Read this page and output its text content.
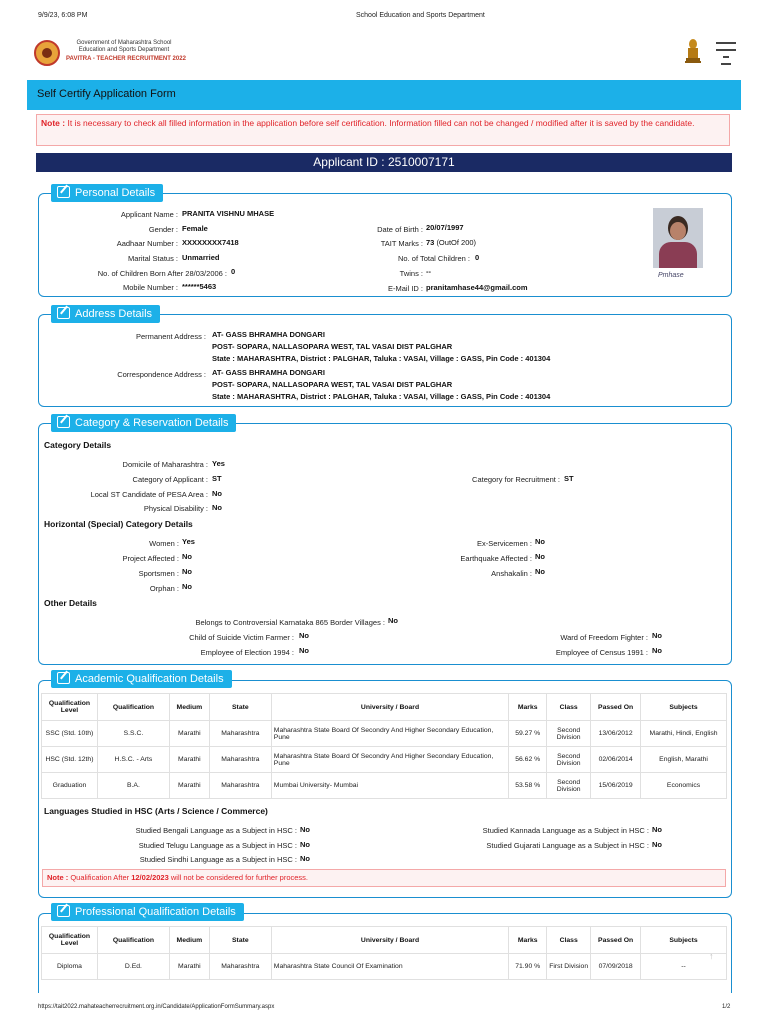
9/9/23, 6:08 PM	School Education and Sports Department
Government of Maharashtra School
Education and Sports Department
PAVITRA - TEACHER RECRUITMENT 2022
Self Certify Application Form
Note : It is necessary to check all filled information in the application before self certification. Information filled can not be changed / modified after it is saved by the candidate.
Applicant ID : 2510007171
Personal Details
Applicant Name : PRANITA VISHNU MHASE
Gender : Female
Aadhaar Number : XXXXXXXX7418
Marital Status : Unmarried
No. of Children Born After 28/03/2006 : 0
Mobile Number : ******5463
Date of Birth : 20/07/1997
TAIT Marks : 73 (OutOf 200)
No. of Total Children : 0
Twins : --
E-Mail ID : pranitamhase44@gmail.com
Pmhase
Address Details
Permanent Address : AT- GASS BHRAMHA DONGARI
POST- SOPARA, NALLASOPARA WEST, TAL VASAI DIST PALGHAR
State : MAHARASHTRA, District : PALGHAR, Taluka : VASAI, Village : GASS, Pin Code : 401304
Correspondence Address : AT- GASS BHRAMHA DONGARI
POST- SOPARA, NALLASOPARA WEST, TAL VASAI DIST PALGHAR
State : MAHARASHTRA, District : PALGHAR, Taluka : VASAI, Village : GASS, Pin Code : 401304
Category & Reservation Details
Category Details
Domicile of Maharashtra : Yes
Category of Applicant : ST	Category for Recruitment : ST
Local ST Candidate of PESA Area : No
Physical Disability : No
Horizontal (Special) Category Details
Women : Yes
Project Affected : No
Sportsmen : No
Orphan : No
Ex-Servicemen : No
Earthquake Affected : No
Anshakalin : No
Other Details
Belongs to Controversial Karnataka 865 Border Villages : No
Child of Suicide Victim Farmer : No
Employee of Election 1994 : No
Ward of Freedom Fighter : No
Employee of Census 1991 : No
Academic Qualification Details
Qualification Level	Qualification	Medium	State	University / Board	Marks	Class	Passed On	Subjects
SSC (Std. 10th)	S.S.C.	Marathi	Maharashtra	Maharashtra State Board Of Secondry And Higher Secondary Education, Pune	59.27 %	Second Division	13/06/2012	Marathi, Hindi, English
HSC (Std. 12th)	H.S.C. - Arts	Marathi	Maharashtra	Maharashtra State Board Of Secondry And Higher Secondary Education, Pune	56.62 %	Second Division	02/06/2014	English, Marathi
Graduation	B.A.	Marathi	Maharashtra	Mumbai University- Mumbai	53.58 %	Second Division	15/06/2019	Economics
Languages Studied in HSC (Arts / Science / Commerce)
Studied Bengali Language as a Subject in HSC : No
Studied Telugu Language as a Subject in HSC : No
Studied Sindhi Language as a Subject in HSC : No
Studied Kannada Language as a Subject in HSC : No
Studied Gujarati Language as a Subject in HSC : No
Note : Qualification After 12/02/2023 will not be considered for further process.
Professional Qualification Details
Qualification Level	Qualification	Medium	State	University / Board	Marks	Class	Passed On	Subjects
Diploma	D.Ed.	Marathi	Maharashtra	Maharashtra State Council Of Examination	71.90 %	First Division	07/09/2018	--
↑
https://tait2022.mahateacherrecruitment.org.in/Candidate/ApplicationFormSummary.aspx	1/2
